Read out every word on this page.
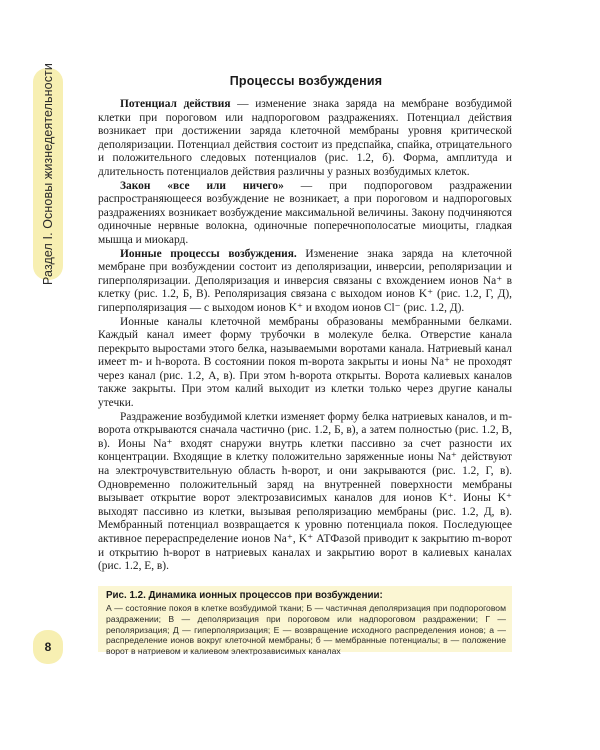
Раздел I. Основы жизнедеятельности
8
Процессы возбуждения

Потенциал действия — изменение знака заряда на мембране возбудимой клетки при пороговом или надпороговом раздражениях. Потенциал действия возникает при достижении заряда клеточной мембраны уровня критической деполяризации. Потенциал действия состоит из предспайка, спайка, отрицательного и положительного следовых потенциалов (рис. 1.2, б). Форма, амплитуда и длительность потенциалов действия различны у разных возбудимых клеток.

Закон «все или ничего» — при подпороговом раздражении распространяющееся возбуждение не возникает, а при пороговом и надпороговых раздражениях возникает возбуждение максимальной величины. Закону подчиняются одиночные нервные волокна, одиночные поперечнополосатые миоциты, гладкая мышца и миокард.

Ионные процессы возбуждения. Изменение знака заряда на клеточной мембране при возбуждении состоит из деполяризации, инверсии, реполяризации и гиперполяризации. Деполяризация и инверсия связаны с вхождением ионов Na⁺ в клетку (рис. 1.2, Б, В). Реполяризация связана с выходом ионов K⁺ (рис. 1.2, Г, Д), гиперполяризация — с выходом ионов K⁺ и входом ионов Cl⁻ (рис. 1.2, Д).

Ионные каналы клеточной мембраны образованы мембранными белками. Каждый канал имеет форму трубочки в молекуле белка. Отверстие канала перекрыто выростами этого белка, называемыми воротами канала. Натриевый канал имеет m- и h-ворота. В состоянии покоя m-ворота закрыты и ионы Na⁺ не проходят через канал (рис. 1.2, А, в). При этом h-ворота открыты. Ворота калиевых каналов также закрыты. При этом калий выходит из клетки только через другие каналы утечки.

Раздражение возбудимой клетки изменяет форму белка натриевых каналов, и m-ворота открываются сначала частично (рис. 1.2, Б, в), а затем полностью (рис. 1.2, В, в). Ионы Na⁺ входят снаружи внутрь клетки пассивно за счет разности их концентрации. Входящие в клетку положительно заряженные ионы Na⁺ действуют на электрочувствительную область h-ворот, и они закрываются (рис. 1.2, Г, в). Одновременно положительный заряд на внутренней поверхности мембраны вызывает открытие ворот электрозависимых каналов для ионов K⁺. Ионы K⁺ выходят пассивно из клетки, вызывая реполяризацию мембраны (рис. 1.2, Д, в). Мембранный потенциал возвращается к уровню потенциала покоя. Последующее активное перераспределение ионов Na⁺, K⁺ АТФазой приводит к закрытию m-ворот и открытию h-ворот в натриевых каналах и закрытию ворот в калиевых каналах (рис. 1.2, Е, в).

Рис. 1.2. Динамика ионных процессов при возбуждении:
А — состояние покоя в клетке возбудимой ткани; Б — частичная деполяризация при подпороговом раздражении; В — деполяризация при пороговом или надпороговом раздражении; Г — реполяризация; Д — гиперполяризация; Е — возвращение исходного распределения ионов; а — распределение ионов вокруг клеточной мембраны; б — мембранные потенциалы; в — положение ворот в натриевом и калиевом электрозависимых каналах
